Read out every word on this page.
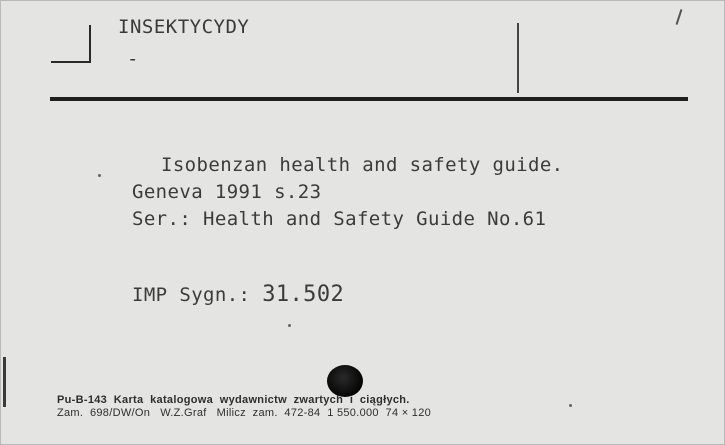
INSEKTYCYDY
-
Isobenzan health and safety guide.
Geneva 1991 s.23
Ser.: Health and Safety Guide No.61
IMP Sygn.: 31.502
Pu-B-143  Karta  katalogowa  wydawnictw  zwartych  i  ciągłych.
Zam.  698/DW/On   W.Z.Graf   Milicz  zam.  472-84  1 550.000  74 × 120
